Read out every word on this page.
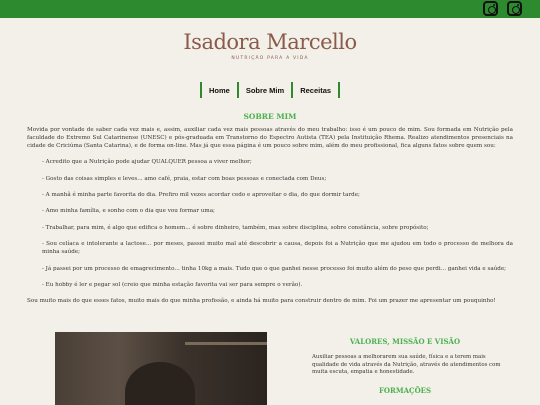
Isadora Marcello
NUTRIÇÃO PARA A VIDA
Home	Sobre Mim	Receitas
SOBRE MIM

Movida por vontade de saber cada vez mais e, assim, auxiliar cada vez mais pessoas através do meu trabalho: isso é um pouco de mim. Sou formada em Nutrição pela faculdade do Extremo Sul Catarinense (UNESC) e pós-graduada em Transtorno do Espectro Autista (TEA) pela Instituição Rhema. Realizo atendimentos presenciais na cidade de Criciúma (Santa Catarina), e de forma on-line. Mas já que essa página é um pouco sobre mim, além do meu profissional, fica alguns fatos sobre quem sou:

- Acredito que a Nutrição pode ajudar QUALQUER pessoa a viver melhor;
- Gosto das coisas simples e leves... amo café, praia, estar com boas pessoas e conectada com Deus;
- A manhã é minha parte favorita do dia. Prefiro mil vezes acordar cedo e aproveitar o dia, do que dormir tarde;
- Amo minha família, e sonho com o dia que vou formar uma;
- Trabalhar, para mim, é algo que edifica o homem... é sobre dinheiro, também, mas sobre disciplina, sobre constância, sobre propósito;
- Sou celíaca e intolerante a lactose... por meses, passei muito mal até descobrir a causa, depois foi a Nutrição que me ajudou em todo o processo de melhora da minha saúde;
- Já passei por um processo de emagrecimento... tinha 10kg a mais. Tudo que o que ganhei nesse processo foi muito além do peso que perdi... ganhei vida e saúde;
- Eu hobby é ler e pegar sol (creio que minha estação favorita vai ser para sempre o verão).

Sou muito mais do que esses fatos, muito mais do que minha profissão, e ainda há muito para construir dentro de mim. Foi um prazer me apresentar um pouquinho!

VALORES, MISSÃO E VISÃO

Auxiliar pessoas a melhorarem sua saúde, física e a terem mais qualidade de vida através da Nutrição, através de atendimentos com muita escuta, empatia e honestidade.

FORMAÇÕES
